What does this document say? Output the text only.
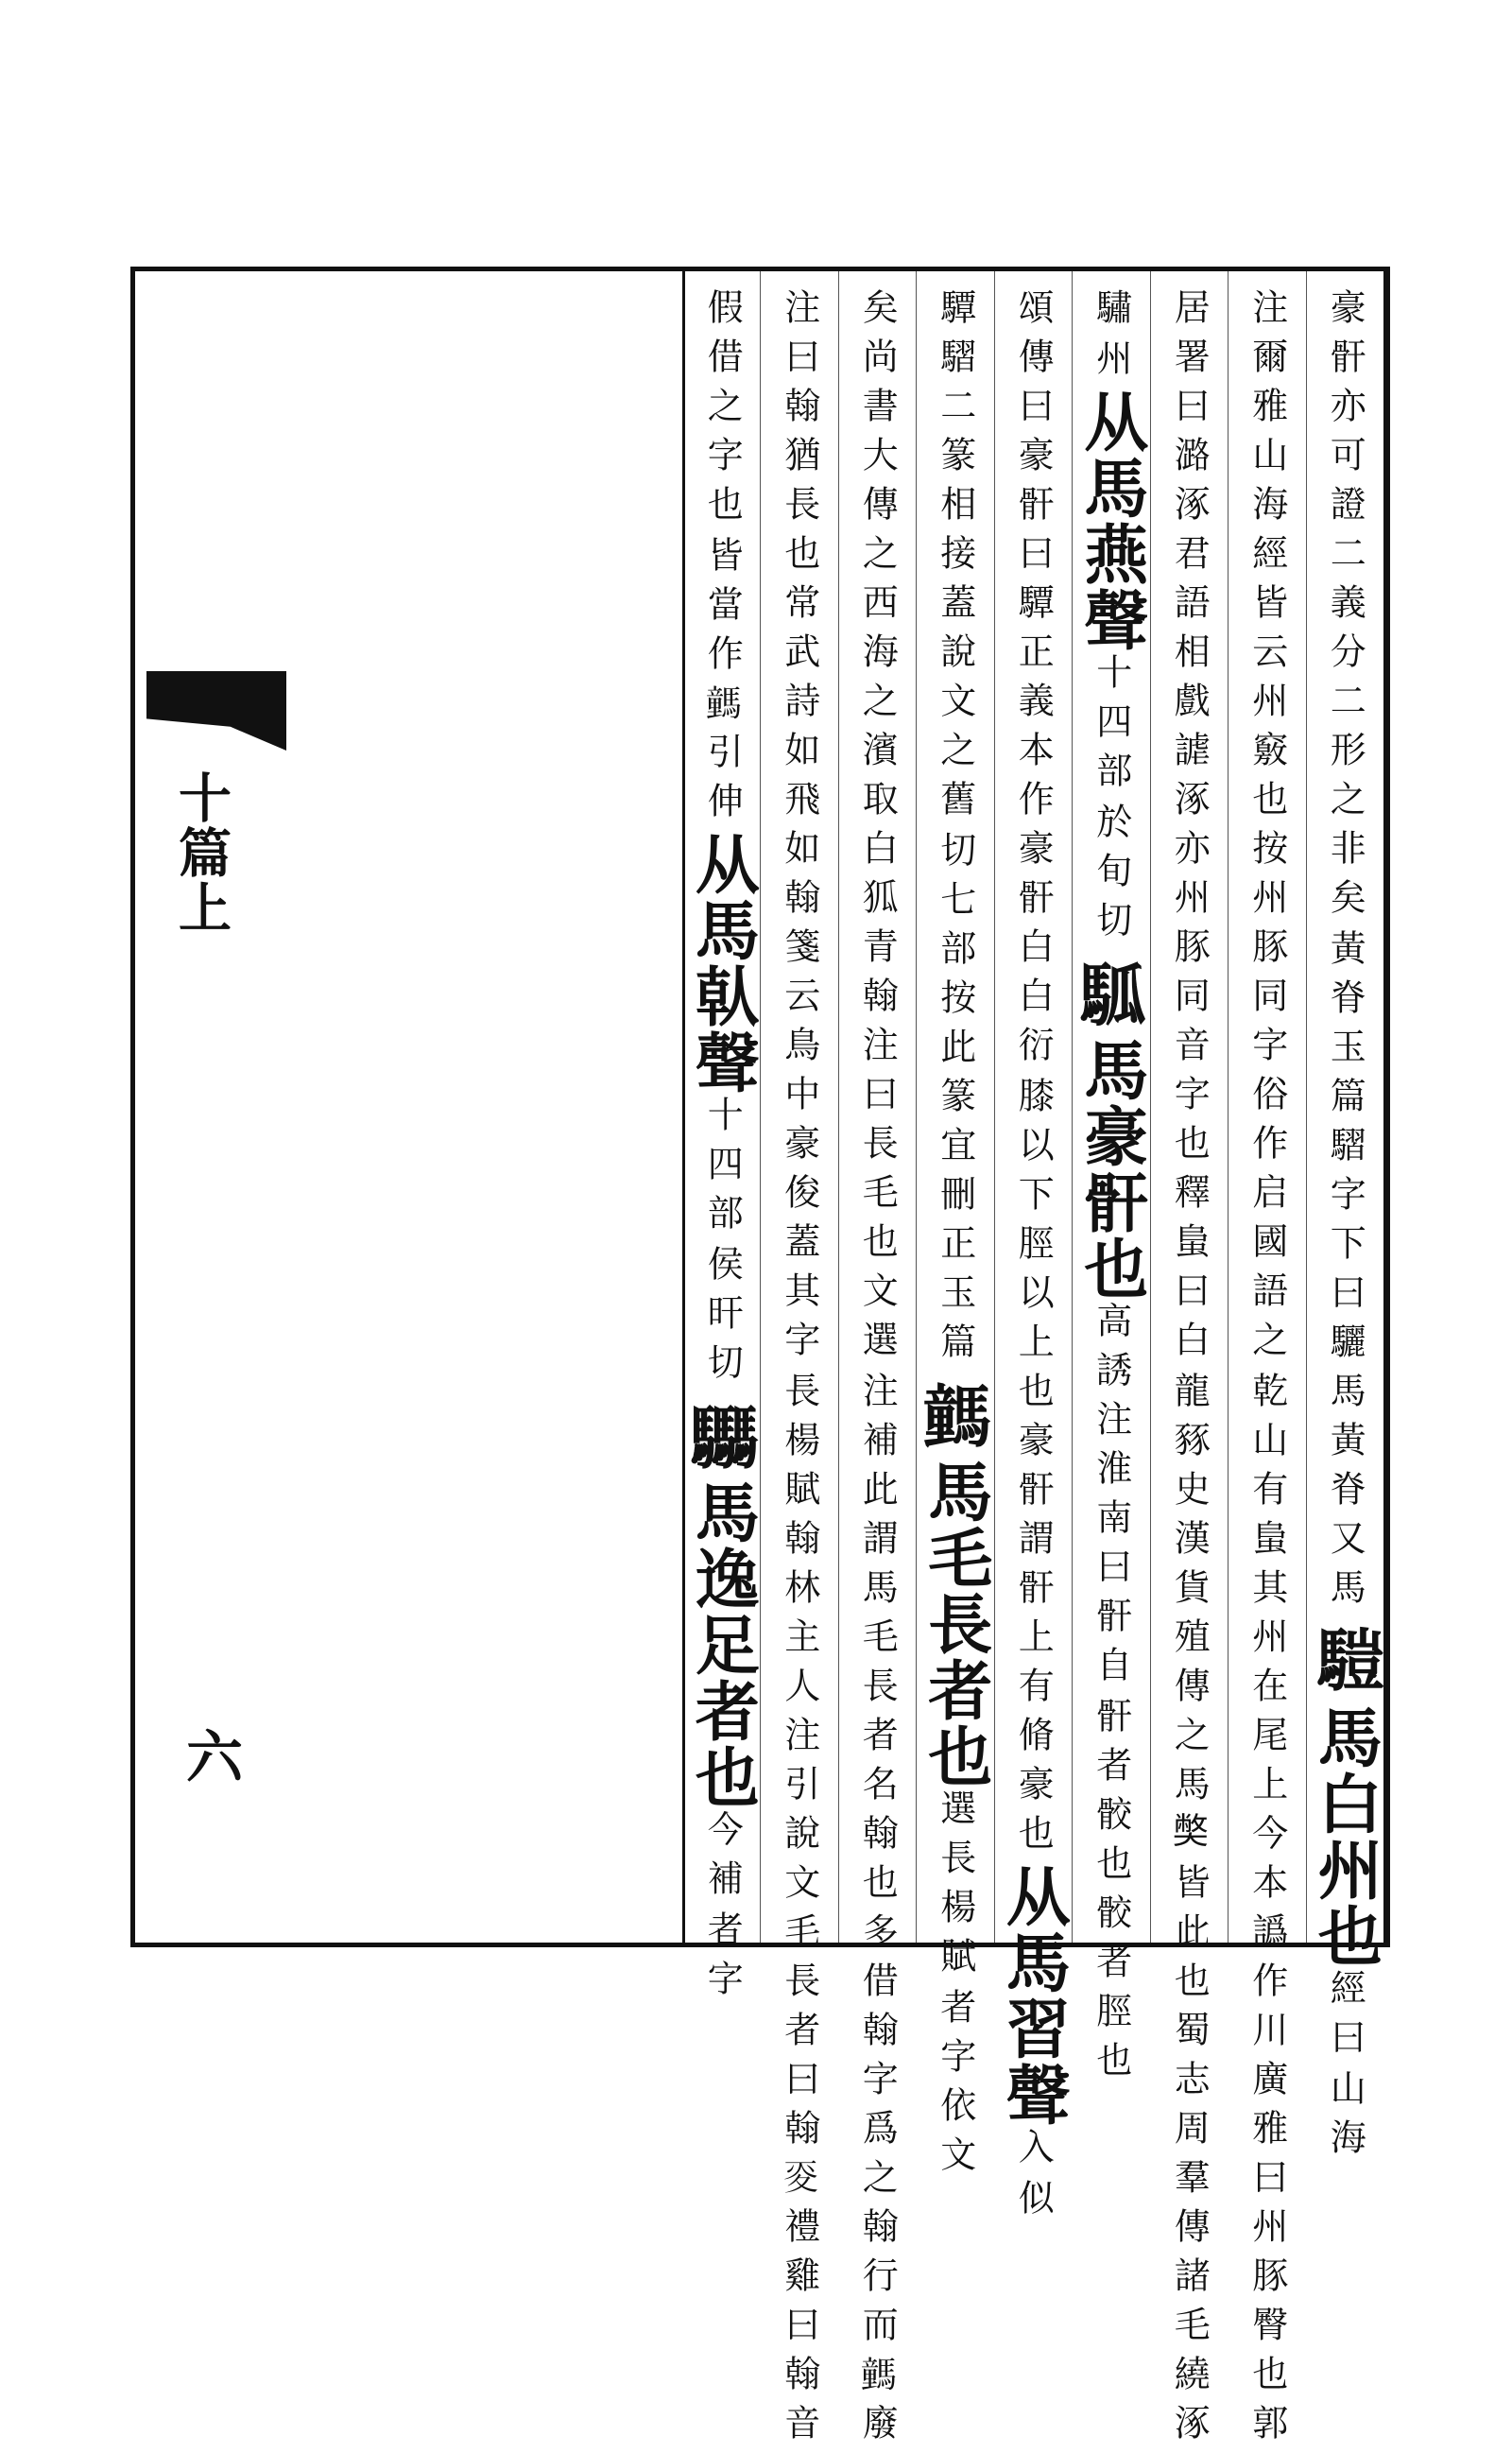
十篇上
六
黃脊玉篇騽字下曰驪馬黃脊又馬
豪骭亦可證二義分二形之非矣
𩥉
馬白州也
山海
經曰
乾山有蛗其州在尾上今本譌作川廣雅曰州豚臀也郭
注爾雅山海經皆云州竅也按州豚同字俗作启國語之
龍豩史漢貨殖傳之馬𡚁皆此也蜀志周羣傳諸毛繞涿
居署曰潞涿君語相戲謔涿亦州豚同音字也釋蛗曰白
州
驌
从馬燕聲
於旬切
十四部
𩢍
馬豪骭也
骭者骹也骹者脛也
高誘注淮南曰骭自
膝以下脛以上也豪骭謂骭上有脩豪也
頌傳曰豪骭曰驔正義本作豪骭白白衍
从馬習聲
似
入
切七部按此篆宜刪正玉篇
驔騽二篆相接蓋說文之舊
𩦍
馬毛長者也
者字依文
選長楊賦
注補此謂馬毛長者名翰也多借翰字爲之翰行而𩦍廢
矣尚書大傳之西海之濱取白狐青翰注曰長毛也文選
長楊賦翰林主人注引說文毛長者曰翰𡕢禮雞曰翰音
注曰翰猶長也常武詩如飛如翰箋云鳥中豪俊蓋其字
皆當作𩦍引伸
假借之字也
从馬倝聲
侯旰切
十四部
𩧢
馬逸足者也
者字
今補
